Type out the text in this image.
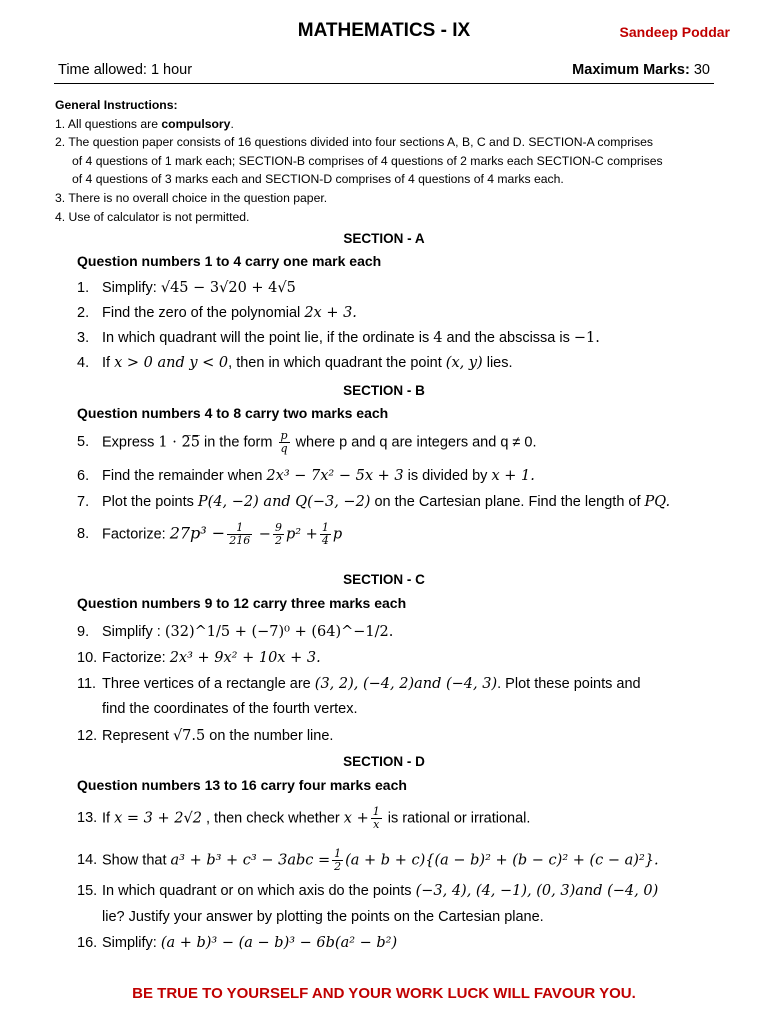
MATHEMATICS - IX	Sandeep Poddar
Time allowed: 1 hour	Maximum Marks: 30
General Instructions:
1. All questions are compulsory.
2. The question paper consists of 16 questions divided into four sections A, B, C and D. SECTION-A comprises
of 4 questions of 1 mark each; SECTION-B comprises of 4 questions of 2 marks each SECTION-C comprises
of 4 questions of 3 marks each and SECTION-D comprises of 4 questions of 4 marks each.
3. There is no overall choice in the question paper.
4. Use of calculator is not permitted.
SECTION - A
Question numbers 1 to 4 carry one mark each
1. Simplify: √45 − 3√20 + 4√5
2. Find the zero of the polynomial 2x + 3.
3. In which quadrant will the point lie, if the ordinate is 4 and the abscissa is −1.
4. If x > 0 and y < 0, then in which quadrant the point (x, y) lies.
SECTION - B
Question numbers 4 to 8 carry two marks each
5. Express 1 · 2̅5̅ in the form $\frac{p}{q}$ where p and q are integers and q ≠ 0.
6. Find the remainder when 2x³ − 7x² − 5x + 3 is divided by x + 1.
7. Plot the points P(4, −2) and Q(−3, −2) on the Cartesian plane. Find the length of PQ.
8. Factorize: $27p^3 - \frac{1}{216} - \frac{9}{2} p^2 + \frac{1}{4}$ p
SECTION - C
Question numbers 9 to 12 carry three marks each
9. Simplify : (32)^1/5 + (−7)⁰ + (64)^−1/2.
10. Factorize: 2x³ + 9x² + 10x + 3.
11. Three vertices of a rectangle are (3, 2), (−4, 2)and (−4, 3). Plot these points and
find the coordinates of the fourth vertex.
12. Represent √7.5 on the number line.
SECTION - D
Question numbers 13 to 16 carry four marks each
13. If x = 3 + 2√2 , then check whether $x + \frac{1}{x}$ is rational or irrational.
14. Show that $a^3 + b^3 + c^3 - 3abc = \frac{1}{2} (a + b + c)\{(a - b)^2 + (b - c)^2 + (c - a)^2\}$.
15. In which quadrant or on which axis do the points (−3, 4), (4, −1), (0, 3)and (−4, 0)
lie? Justify your answer by plotting the points on the Cartesian plane.
16. Simplify: (a + b)³ − (a − b)³ − 6b(a² − b²)
BE TRUE TO YOURSELF AND YOUR WORK LUCK WILL FAVOUR YOU.
